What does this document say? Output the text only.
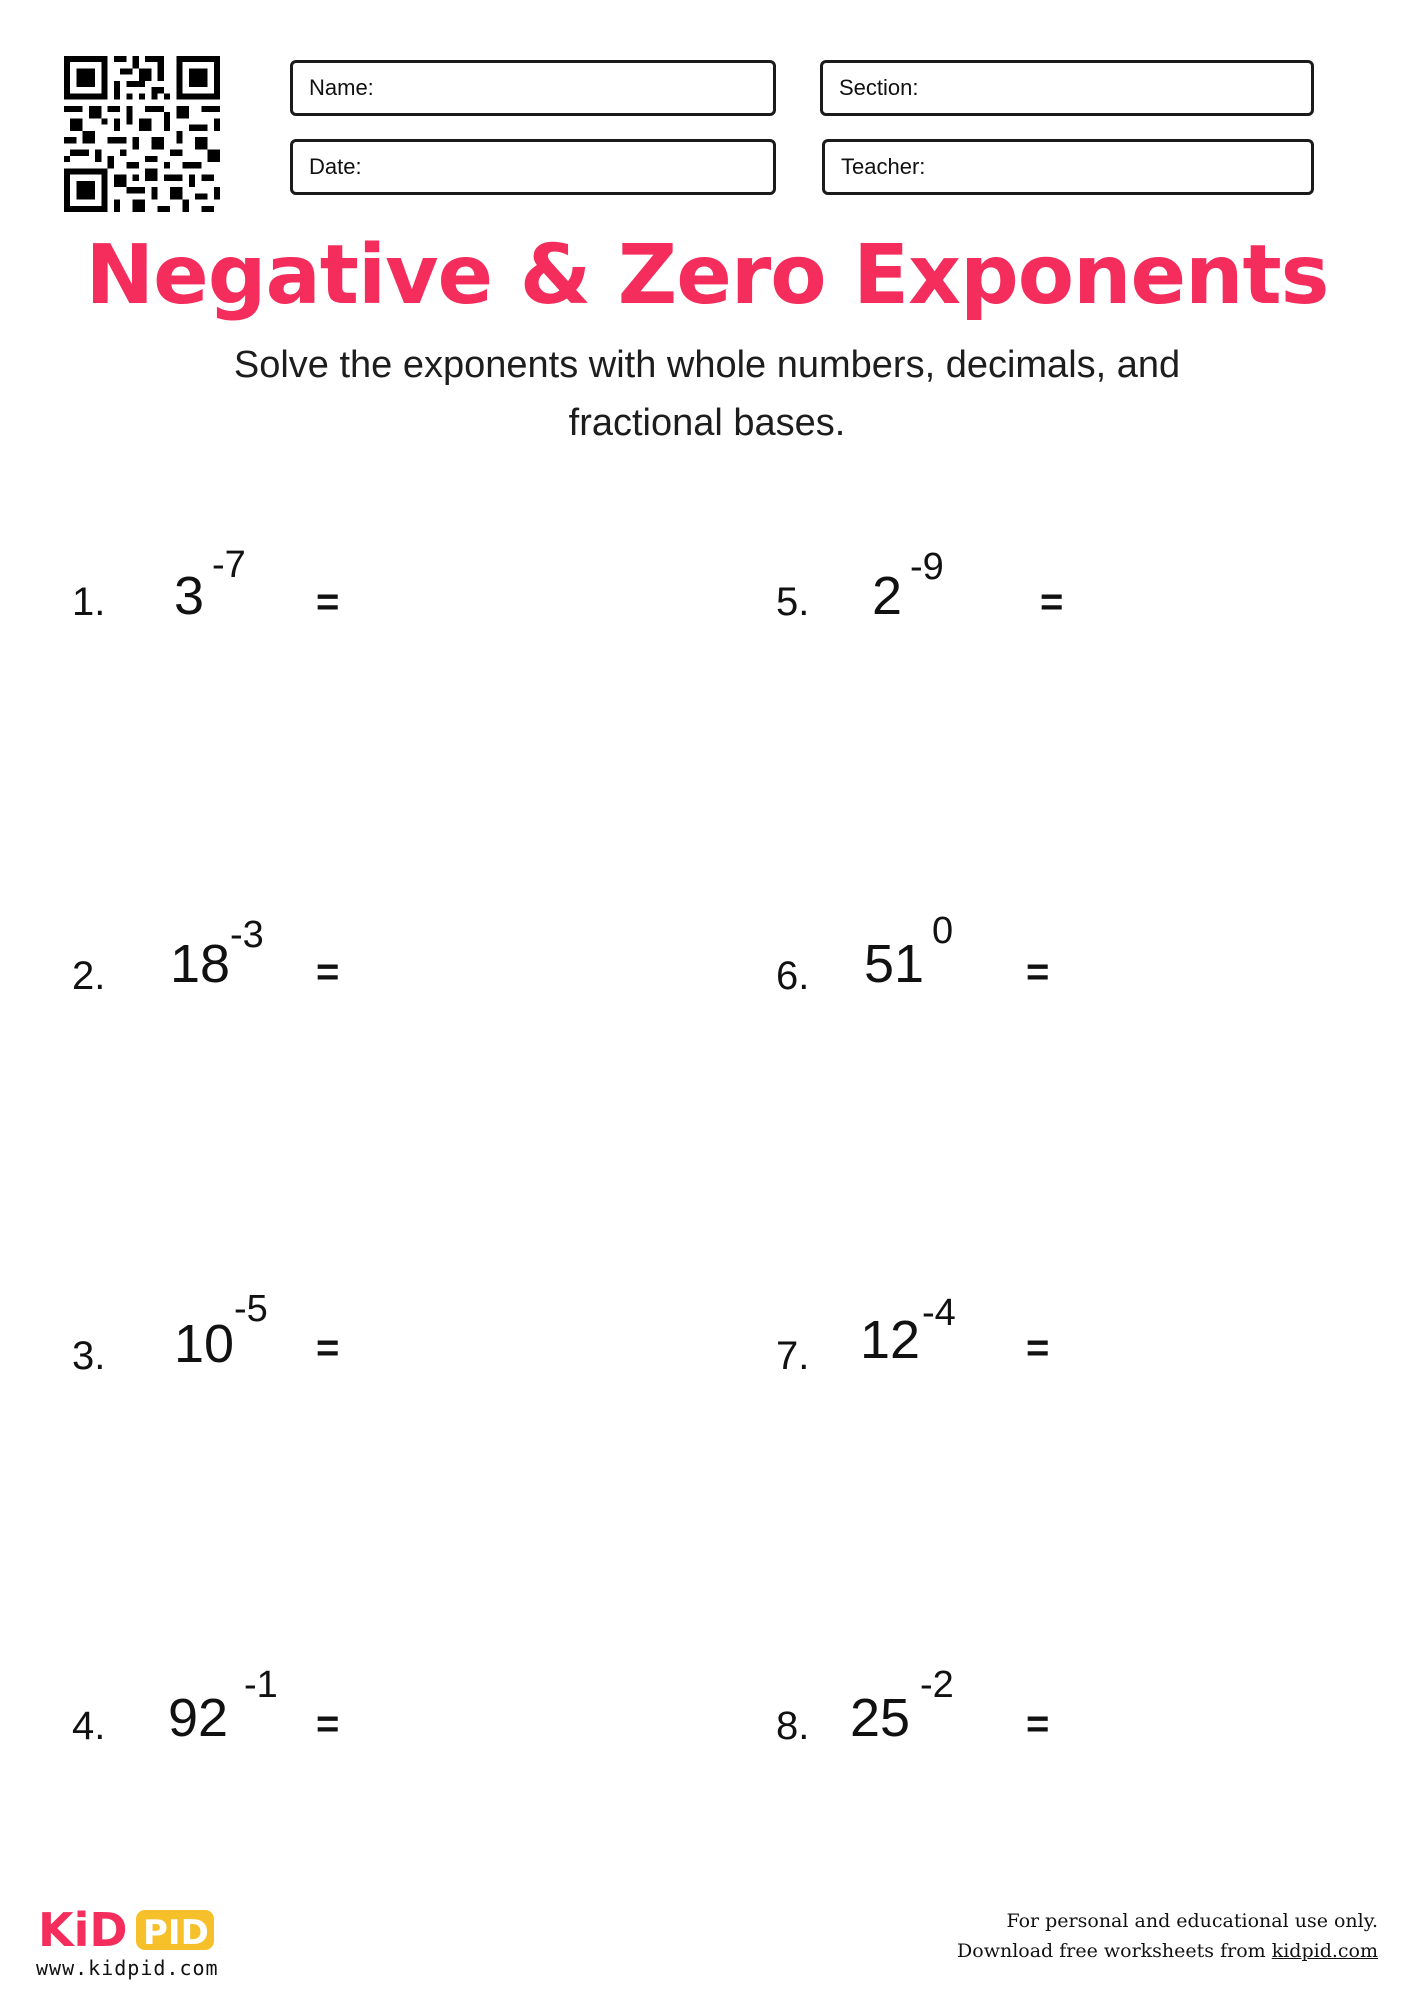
Name:	Section:
Date:	Teacher:
Negative & Zero Exponents
Solve the exponents with whole numbers, decimals, and fractional bases.
1. 3
-7
=
2. 18 -3
=
3. 10
-5
=
4. 92
-1
=
5. 2 -9
=
6. 51
0
=
7. 12 -4
=
8. 25
-2
=
KiD PID
www.kidpid.com
For personal and educational use only.
Download free worksheets from kidpid.com
